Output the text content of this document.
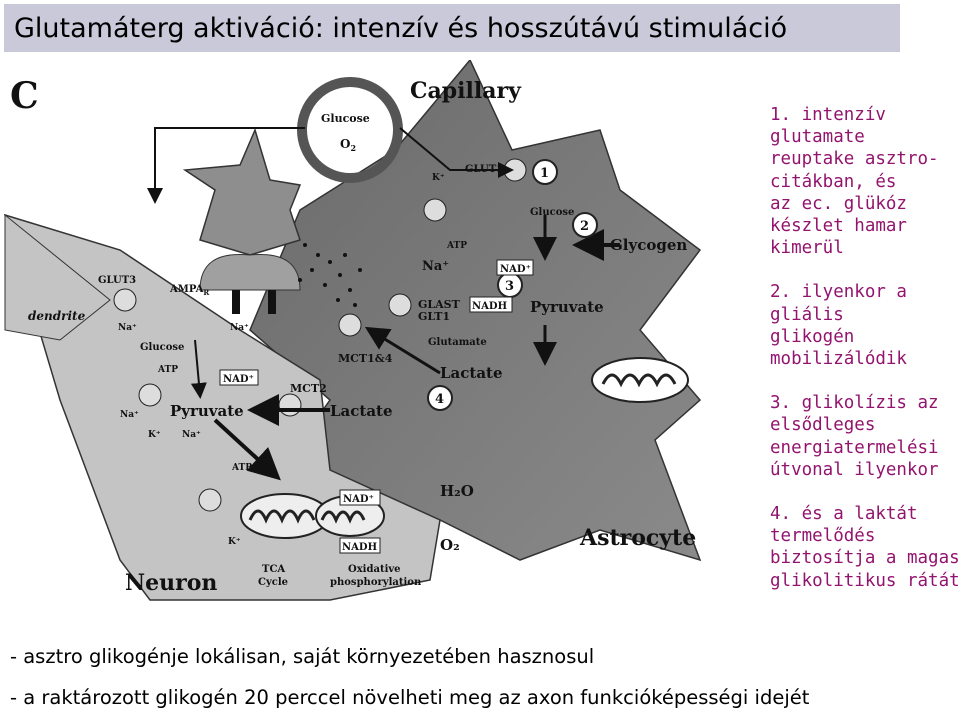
Glutamáterg aktiváció: intenzív és hosszútávú stimuláció
C	Capillary
Glucose
$O_2$
dendrite
GLUT3
$AMPA_R$
Na⁺	Na⁺
Glucose
ATP
K⁺ Na⁺
Na⁺
NAD⁺
Pyruvate
MCT2
Lactate
MCT1&4
ATP
K⁺
NAD⁺
NADH
H₂O
O₂
TCA
Cycle
Oxidative
phosphorylation
Neuron
Astrocyte
GLUT1
K⁺
ATP
Na⁺
Glucose
Glycogen
NAD⁺
NADH Pyruvate
GLAST
GLT1
Glutamate
Lactate
1
2
3
4
1. intenzív
glutamate
reuptake asztro-
citákban, és
az ec. glükóz
készlet hamar
kimerül
2. ilyenkor a gliális
glikogén
mobilizálódik
3. glikolízis az
elsődleges
energiatermelési
útvonal ilyenkor
4. és a laktát
termelődés
biztosítja a magas
glikolitikus rátát
- asztro glikogénje lokálisan, saját környezetében hasznosul
- a raktározott glikogén 20 perccel növelheti meg az axon funkcióképességi idejét
